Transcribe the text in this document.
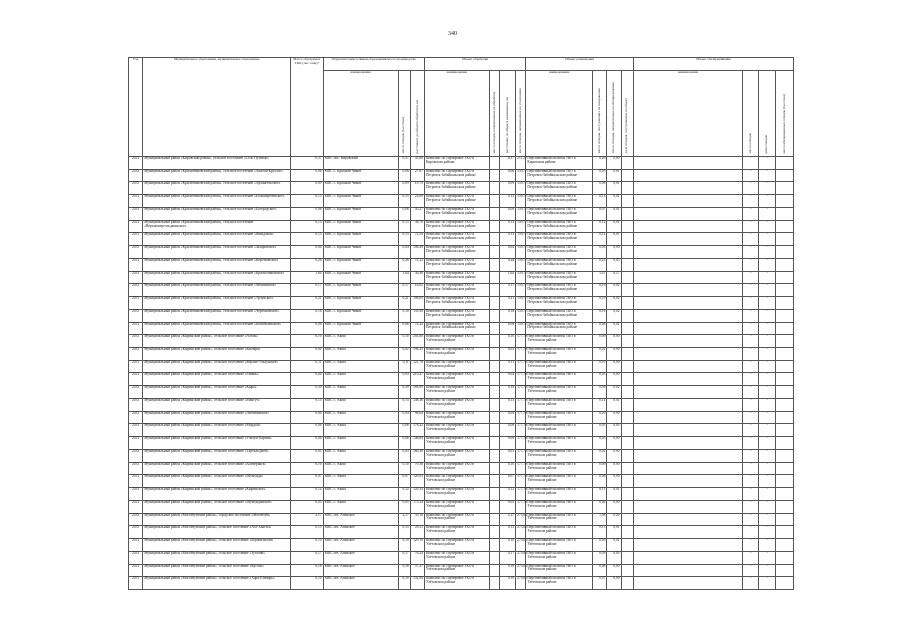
340
Год	Муниципальное образование, муниципальное образование	Масса образуемых ТКО (тыс.тонн)*	Образователи/источники образования/место производства			Объект обработки				Объект размещения				Объект обезвреживания			
			наименование	масса отходов (тыс.тонн)	расстояние до объекта обработки, км	наименование	масса отходов, направленных на обработку	расстояние до объекта размещения, км	масса отходов, направленных на утилизацию	наименование	масса отходов, поступающих на захоронение	масса отходов, направленных на обезвреживание	доля отходов, поступающих на объект	наименование	масса отходов	доля отходов	масса обезвреженных отходов (тыс.тонн)
2031	Муниципальный район «Кировский район», сельское поселение «Село Путивль»	0,37	МПС пос. Кировский	0,37	45,06	Комплекс по сортировке ТКО в Кировском районе		0,37	211,27	Перспективный полигон ТКО в Кировском районе	0,26	0,00			-	-	
2031	Муниципальный район «Красночиковский район», сельское поселение «Акибай-Круглое»	0,06	МПС с. Красный Чикой	0,06	27,67	Комплекс по сортировке ТКО в Петровск-Забайкальском районе		0,06	159,77	Перспективный полигон ТКО в Петровск-Забайкальском районе	0,05	0,01			-	-	
2031	Муниципальный район «Красночиковский район», сельское поселение «Архангельское»	0,09	МПС с. Красный Чикой	0,09	19,79	Комплекс по сортировке ТКО в Петровск-Забайкальском районе		0,09	159,77	Перспективный полигон ТКО в Петровск-Забайкальском районе	0,08	0,01			-	-	
2031	Муниципальный район «Красночиковский район», сельское поселение «Большереченское»	0,15	МПС с. Красный Чикой	0,15	23,69	Комплекс по сортировке ТКО в Петровск-Забайкальском районе		0,15	159,77	Перспективный полигон ТКО в Петровск-Забайкальском районе	0,13	0,01			-	-	
2031	Муниципальный район «Красночиковский район», сельское поселение «Богородское»	0,08	МПС с. Красный Чикой	0,08	45,27	Комплекс по сортировке ТКО в Петровск-Забайкальском районе		0,08	159,77	Перспективный полигон ТКО в Петровск-Забайкальском районе	0,07	0,01			-	-	
2031	Муниципальный район «Красночиковский район», сельское поселение «Верхнешергольджинское»	0,13	МПС с. Красный Чикой	0,13	36,78	Комплекс по сортировке ТКО в Петровск-Забайкальском районе		0,13	159,77	Перспективный полигон ТКО в Петровск-Забайкальском районе	0,12	0,01			-	-	
2031	Муниципальный район «Красночиковский район», сельское поселение «Жиндокон»	0,13	МПС с. Красный Чикой	0,13	72,54	Комплекс по сортировке ТКО в Петровск-Забайкальском районе		0,13	159,77	Перспективный полигон ТКО в Петровск-Забайкальском районе	0,12	0,01			-	-	
2031	Муниципальный район «Красночиковский район», сельское поселение «Захаровское»	0,04	МПС с. Красный Чикой	0,04	108,49	Комплекс по сортировке ТКО в Петровск-Забайкальском районе		0,04	159,77	Перспективный полигон ТКО в Петровск-Забайкальском районе	0,03	0,00			-	-	
2031	Муниципальный район «Красночиковский район», сельское поселение «Коротковское»	0,26	МПС с. Красный Чикой	0,26	11,23	Комплекс по сортировке ТКО в Петровск-Забайкальском районе		0,26	159,77	Перспективный полигон ТКО в Петровск-Забайкальском районе	0,23	0,03			-	-	
2031	Муниципальный район «Красночиковский район», сельское поселение «Красночикойское»	1,64	МПС с. Красный Чикой	1,64	30,48	Комплекс по сортировке ТКО в Петровск-Забайкальском районе		1,64	159,77	Перспективный полигон ТКО в Петровск-Забайкальском районе	1,47	0,17			-	-	
2031	Муниципальный район «Красночиковский район», сельское поселение «Мензинское»	0,17	МПС с. Красный Чикой	0,17	16,82	Комплекс по сортировке ТКО в Петровск-Забайкальском районе		0,17	159,77	Перспективный полигон ТКО в Петровск-Забайкальском районе	0,16	0,02			-	-	
2031	Муниципальный район «Красночиковский район», сельское поселение «Урлукское»	0,21	МПС с. Красный Чикой	0,21	106,05	Комплекс по сортировке ТКО в Петровск-Забайкальском районе		0,21	159,77	Перспективный полигон ТКО в Петровск-Забайкальском районе	0,19	0,02			-	-	
2031	Муниципальный район «Красночиковский район», сельское поселение «Черемховское»	0,18	МПС с. Красный Чикой	0,18	133,90	Комплекс по сортировке ТКО в Петровск-Забайкальском районе		0,18	159,77	Перспективный полигон ТКО в Петровск-Забайкальском районе	0,16	0,02			-	-	
2031	Муниципальный район «Красночиковский район», сельское поселение «Шимбиликское»	0,08	МПС с. Красный Чикой	0,08	74,24	Комплекс по сортировке ТКО в Петровск-Забайкальском районе		0,08	159,77	Перспективный полигон ТКО в Петровск-Забайкальском районе	0,08	0,01			-	-	
2031	Муниципальный район «Кыринский район», сельское поселение «Алтан»	0,10	МПС с. Акша	0,10	203,80	Комплекс по сортировке ТКО в Улётовском районе		0,10	177,79	Перспективный полигон ТКО в Улётовском районе	0,09	0,00			-	-	
2031	Муниципальный район «Кыринский район», сельское поселение «Былыра»	0,02	МПС с. Акша	0,02	194,25	Комплекс по сортировке ТКО в Улётовском районе		0,02	177,79	Перспективный полигон ТКО в Улётовском районе	0,02	0,00			-	-	
2031	Муниципальный район «Кыринский район», сельское поселение «Верхне-Ульхунское»	0,11	МПС с. Акша	0,11	121,76	Комплекс по сортировке ТКО в Улётовском районе		0,11	177,79	Перспективный полигон ТКО в Улётовском районе	0,10	0,00			-	-	
2031	Муниципальный район «Кыринский район», сельское поселение «Гавань»	0,04	МПС с. Акша	0,04	210,27	Комплекс по сортировке ТКО в Улётовском районе		0,04	177,79	Перспективный полигон ТКО в Улётовском районе	0,03	0,00			-	-	
2031	Муниципальный район «Кыринский район», сельское поселение «Кыра»	0,39	МПС с. Акша	0,39	168,99	Комплекс по сортировке ТКО в Улётовском районе		0,39	177,79	Перспективный полигон ТКО в Улётовском районе	0,36	0,02			-	-	
2031	Муниципальный район «Кыринский район», сельское поселение «Мангут»	0,13	МПС с. Акша	0,13	148,36	Комплекс по сортировке ТКО в Улётовском районе		0,13	177,79	Перспективный полигон ТКО в Улётовском районе	0,12	0,01			-	-	
2031	Муниципальный район «Кыринский район», сельское поселение «Любавинское»	0,04	МПС с. Акша	0,04	96,64	Комплекс по сортировке ТКО в Улётовском районе		0,04	177,79	Перспективный полигон ТКО в Улётовском районе	0,20	0,00			-	-	
2031	Муниципальный район «Кыринский район», сельское поселение «Мордой»	0,06	МПС с. Акша	0,06	178,22	Комплекс по сортировке ТКО в Улётовском районе		0,06	177,79	Перспективный полигон ТКО в Улётовском районе	0,05	0,00			-	-	
2031	Муниципальный район «Кыринский район», сельское поселение «Ульхун-Партия»	0,06	МПС с. Акша	0,06	146,84	Комплекс по сортировке ТКО в Улётовском районе		0,06	177,79	Перспективный полигон ТКО в Улётовском районе	0,05	0,00			-	-	
2031	Муниципальный район «Кыринский район», сельское поселение «Тарбальджей»	0,03	МПС с. Акша	0,03	160,30	Комплекс по сортировке ТКО в Улётовском районе		0,03	177,79	Перспективный полигон ТКО в Улётовском районе	0,02	0,00			-	-	
2031	Муниципальный район «Кыринский район», сельское поселение «Хапчеранга»	0,10	МПС с. Акша	0,10	70,36	Комплекс по сортировке ТКО в Улётовском районе		0,10	177,79	Перспективный полигон ТКО в Улётовском районе	0,09	0,00			-	-	
2031	Муниципальный район «Кыринский район», сельское поселение «Шумунда»	0,07	МПС с. Акша	0,07	120,03	Комплекс по сортировке ТКО в Улётовском районе		0,07	177,79	Перспективный полигон ТКО в Улётовском районе	0,06	0,00			-	-	
2031	Муниципальный район «Кыринский район», сельское поселение «Кыринское»	0,12	МПС с. Акша	0,12	120,34	Комплекс по сортировке ТКО в Улётовском районе		0,12	177,79	Перспективный полигон ТКО в Улётовском районе	0,11	0,01			-	-	
2031	Муниципальный район «Кыринский район», сельское поселение «Шумундинское»	0,05	МПС с. Акша	0,05	173,34	Комплекс по сортировке ТКО в Улётовском районе		0,05	177,79	Перспективный полигон ТКО в Улётовском районе	0,04	0,00			-	-	
2031	Муниципальный район «Могойтуйский район», городское поселение «Могойтуй»	2,17	МПС пгт. Агинское	2,17	35,16	Комплекс по сортировке ТКО в Улётовском районе		2,17	275,05	Перспективный полигон ТКО в Улётовском районе	1,98	0,20			-	-	
2031	Муниципальный район «Могойтуйский район», сельское поселение «Ага-Хангил»	0,15	МПС пгт. Агинское	0,15	20,11	Комплекс по сортировке ТКО в Улётовском районе		0,15	275,05	Перспективный полигон ТКО в Улётовском районе	0,13	0,01			-	-	
2031	Муниципальный район «Могойтуйский район», сельское поселение «Боржигантай»	0,10	МПС пгт. Агинское	0,10	129,10	Комплекс по сортировке ТКО в Улётовском районе		0,10	275,05	Перспективный полигон ТКО в Улётовском районе	0,09	0,01			-	-	
2031	Муниципальный район «Могойтуйский район», сельское поселение «Зугалай»	0,17	МПС пгт. Агинское	0,17	76,24	Комплекс по сортировке ТКО в Улётовском районе		0,17	275,05	Перспективный полигон ТКО в Улётовском районе	0,09	0,00			-	-	
2031	Муниципальный район «Могойтуйский район», сельское поселение «Кусоча»	0,18	МПС пгт. Агинское	0,18	57,47	Комплекс по сортировке ТКО в Улётовском районе		0,18	275,05	Перспективный полигон ТКО в Улётовском районе	0,08	0,00			-	-	
2031	Муниципальный район «Могойтуйский район», сельское поселение «Хара-Шибирь»	0,10	МПС пгт. Агинское	0,10	132,94	Комплекс по сортировке ТКО в Улётовском районе		0,10	275,05	Перспективный полигон ТКО в Улётовском районе	0,07	0,00			-	-	
